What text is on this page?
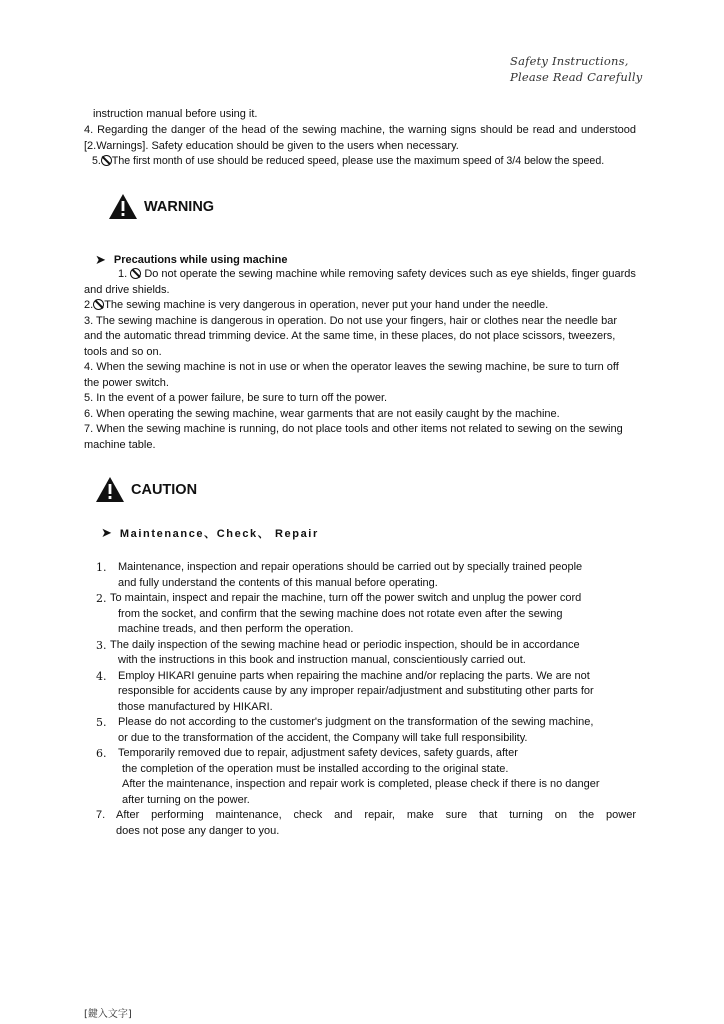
Safety Instructions,
Please Read Carefully
instruction manual before using it.
4. Regarding the danger of the head of the sewing machine, the warning signs should be read and understood [2.Warnings]. Safety education should be given to the users when necessary.
5. The first month of use should be reduced speed, please use the maximum speed of 3/4 below the speed.
WARNING
➤ Precautions while using machine
1.  Do not operate the sewing machine while removing safety devices such as eye shields, finger guards and drive shields.
2. The sewing machine is very dangerous in operation, never put your hand under the needle.
3. The sewing machine is dangerous in operation. Do not use your fingers, hair or clothes near the needle bar and the automatic thread trimming device. At the same time, in these places, do not place scissors, tweezers, tools and so on.
4. When the sewing machine is not in use or when the operator leaves the sewing machine, be sure to turn off the power switch.
5. In the event of a power failure, be sure to turn off the power.
6. When operating the sewing machine, wear garments that are not easily caught by the machine.
7. When the sewing machine is running, do not place tools and other items not related to sewing on the sewing machine table.
CAUTION
➤ Maintenance、Check、 Repair
1.	Maintenance, inspection and repair operations should be carried out by specially trained people
and fully understand the contents of this manual before operating.
2. To maintain, inspect and repair the machine, turn off the power switch and unplug the power cord
from the socket, and confirm that the sewing machine does not rotate even after the sewing
machine treads, and then perform the operation.
3. The daily inspection of the sewing machine head or periodic inspection, should be in accordance
with the instructions in this book and instruction manual, conscientiously carried out.
4.	Employ HIKARI genuine parts when repairing the machine and/or replacing the parts. We are not
responsible for accidents cause by any improper repair/adjustment and substituting other parts for
those manufactured by HIKARI.
5.	Please do not according to the customer's judgment on the transformation of the sewing machine,
or due to the transformation of the accident, the Company will take full responsibility.
6.	Temporarily removed due to repair, adjustment safety devices, safety guards, after
the completion of the operation must be installed according to the original state.
After the maintenance, inspection and repair work is completed, please check if there is no danger
after turning on the power.
7. After performing maintenance, check and repair, make sure that turning on the power
does not pose any danger to you.
[鍵入文字]
